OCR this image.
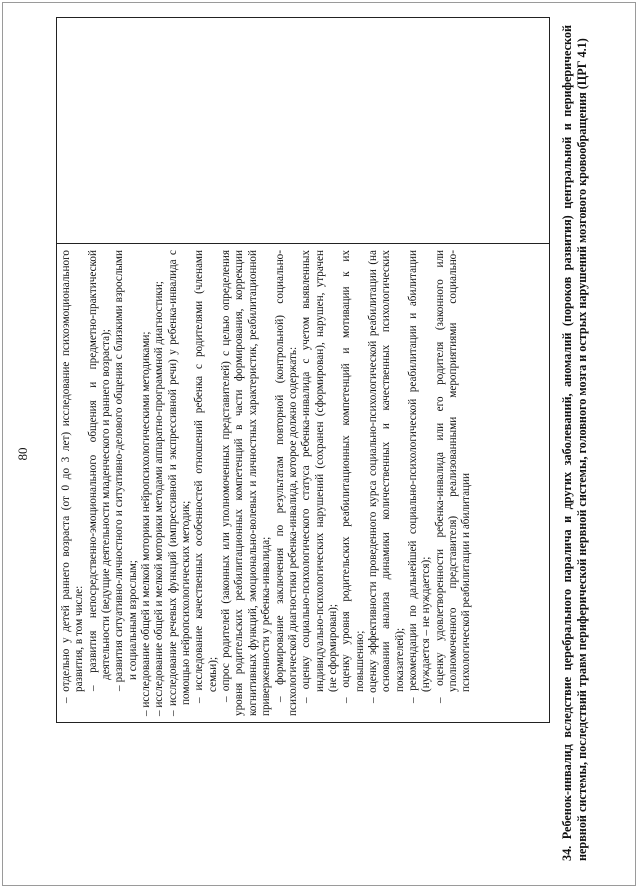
80

– отдельно у детей раннего возраста (от 0 до 3 лет) исследование психоэмоционального развития, в том числе: – развития непосредственно-эмоционального общения и предметно-практической деятельности (ведущие деятельности младенческого и раннего возраста);

– развития ситуативно-личностного и ситуативно-делового общения с близкими взрослыми и социальным взрослым;

– исследование общей и мелкой моторики нейропсихологическими методиками;

– исследование общей и мелкой моторики методами аппаратно-программной диагностики;

– исследование речевых функций (импрессивной и экспрессивной речи) у ребенка-инвалида с помощью нейропсихологических методик; – исследование качественных особенностей отношений ребенка с родителями (членами семьи);

– опрос родителей (законных или уполномоченных представителей) с целью определения уровня родительских реабилитационных компетенций в части формирования, коррекции когнитивных функций, эмоционально-волевых и личностных характеристик, реабилитационной приверженности у ребенка-инвалида; – формирование заключения по результатам повторной (контрольной) социально-психологической диагностики ребенка-инвалида, которое должно содержать: – оценку социально-психологического статуса ребенка-инвалида с учетом выявленных индивидуально-психологических нарушений (сохранен (сформирован), нарушен, утрачен (не сформирован);

– оценку уровня родительских реабилитационных компетенций и мотивации к их повышению;

– оценку эффективности проведенного курса социально-психологической реабилитации (на основании анализа динамики количественных и качественных психологических показателей);

– рекомендации по дальнейшей социально-психологической реабилитации и абилитации (нуждается – не нуждается);

– оценку удовлетворенности ребенка-инвалида или его родителя (законного или уполномоченного представителя) реализованными мероприятиями социально-психологической реабилитации и абилитации	34. Ребенок-инвалид вследствие церебрального паралича и других заболеваний, аномалий (пороков развития) центральной и периферической нервной системы, последствий травм периферической нервной системы, головного мозга и острых нарушений мозгового кровообращения (ЦРГ 4.1)
